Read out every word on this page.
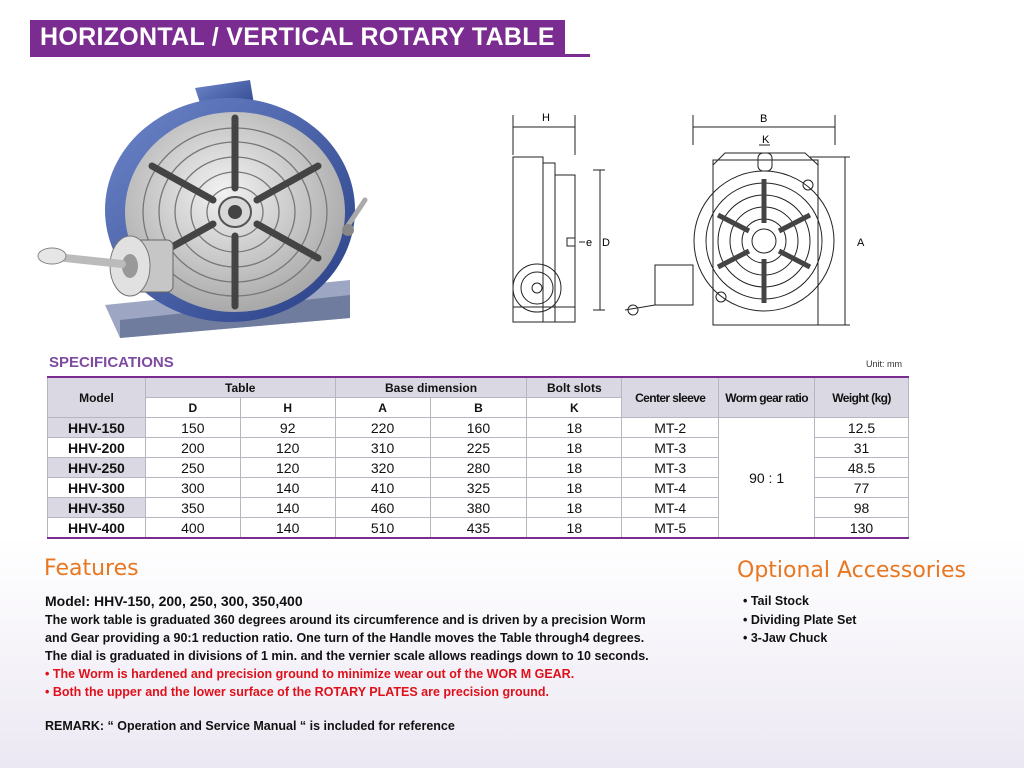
HORIZONTAL / VERTICAL ROTARY TABLE
H	B
K
e D	A
SPECIFICATIONS	Unit: mm
Model	Table		Base dimension		Bolt slots	Center sleeve	Worm gear ratio	Weight (kg)
	D	H	A	B	K			
HHV-150	150	92	220	160	18	MT-2	90 : 1	12.5
HHV-200	200	120	310	225	18	MT-3		31
HHV-250	250	120	320	280	18	MT-3		48.5
HHV-300	300	140	410	325	18	MT-4		77
HHV-350	350	140	460	380	18	MT-4		98
HHV-400	400	140	510	435	18	MT-5		130
Features
Model: HHV-150, 200, 250, 300, 350,400

The work table is graduated 360 degrees around its circumference and is driven by a precision Worm

and Gear providing a 90:1 reduction ratio. One turn of the Handle moves the Table through4 degrees.

The dial is graduated in divisions of 1 min. and the vernier scale allows readings down to 10 seconds.

• The Worm is hardened and precision ground to minimize wear out of the WOR M GEAR.

• Both the upper and the lower surface of the ROTARY PLATES are precision ground.

REMARK: “ Operation and Service Manual “ is included for reference
Optional Accessories
• Tail Stock
• Dividing Plate Set
• 3-Jaw Chuck
